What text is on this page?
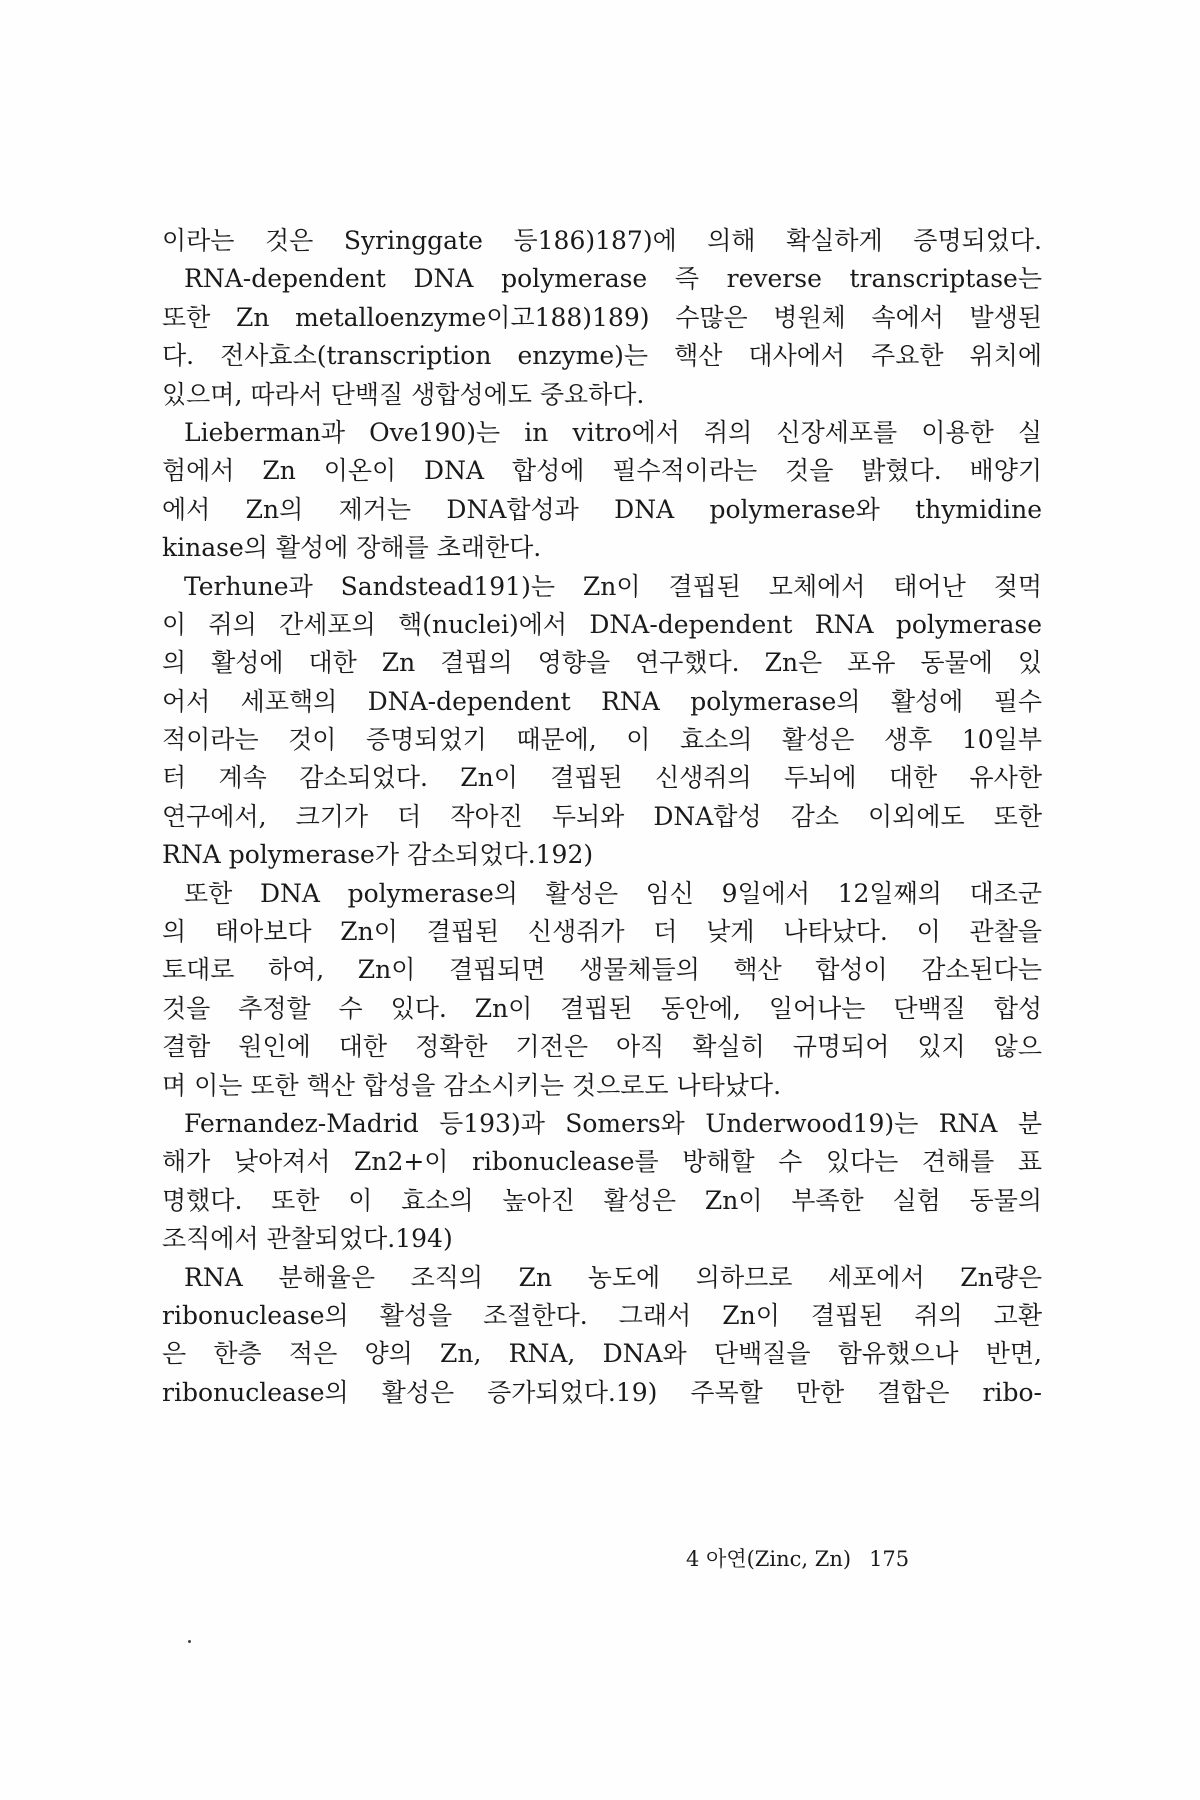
이라는 것은 Syringgate 등186)187)에 의해 확실하게 증명되었다.
RNA-dependent DNA polymerase 즉 reverse transcriptase는
또한 Zn metalloenzyme이고188)189) 수많은 병원체 속에서 발생된
다. 전사효소(transcription enzyme)는 핵산 대사에서 주요한 위치에
있으며, 따라서 단백질 생합성에도 중요하다.
Lieberman과 Ove190)는 in vitro에서 쥐의 신장세포를 이용한 실
험에서 Zn 이온이 DNA 합성에 필수적이라는 것을 밝혔다. 배양기
에서 Zn의 제거는 DNA합성과 DNA polymerase와 thymidine
kinase의 활성에 장해를 초래한다.
Terhune과 Sandstead191)는 Zn이 결핍된 모체에서 태어난 젖먹
이 쥐의 간세포의 핵(nuclei)에서 DNA-dependent RNA polymerase
의 활성에 대한 Zn 결핍의 영향을 연구했다. Zn은 포유 동물에 있
어서 세포핵의 DNA-dependent RNA polymerase의 활성에 필수
적이라는 것이 증명되었기 때문에, 이 효소의 활성은 생후 10일부
터 계속 감소되었다. Zn이 결핍된 신생쥐의 두뇌에 대한 유사한
연구에서, 크기가 더 작아진 두뇌와 DNA합성 감소 이외에도 또한
RNA polymerase가 감소되었다.192)
또한 DNA polymerase의 활성은 임신 9일에서 12일째의 대조군
의 태아보다 Zn이 결핍된 신생쥐가 더 낮게 나타났다. 이 관찰을
토대로 하여, Zn이 결핍되면 생물체들의 핵산 합성이 감소된다는
것을 추정할 수 있다. Zn이 결핍된 동안에, 일어나는 단백질 합성
결함 원인에 대한 정확한 기전은 아직 확실히 규명되어 있지 않으
며 이는 또한 핵산 합성을 감소시키는 것으로도 나타났다.
Fernandez-Madrid 등193)과 Somers와 Underwood19)는 RNA 분
해가 낮아져서 Zn2+이 ribonuclease를 방해할 수 있다는 견해를 표
명했다. 또한 이 효소의 높아진 활성은 Zn이 부족한 실험 동물의
조직에서 관찰되었다.194)
RNA 분해율은 조직의 Zn 농도에 의하므로 세포에서 Zn량은
ribonuclease의 활성을 조절한다. 그래서 Zn이 결핍된 쥐의 고환
은 한층 적은 양의 Zn, RNA, DNA와 단백질을 함유했으나 반면,
ribonuclease의 활성은 증가되었다.19) 주목할 만한 결합은 ribo-
4 아연(Zinc, Zn) 175
